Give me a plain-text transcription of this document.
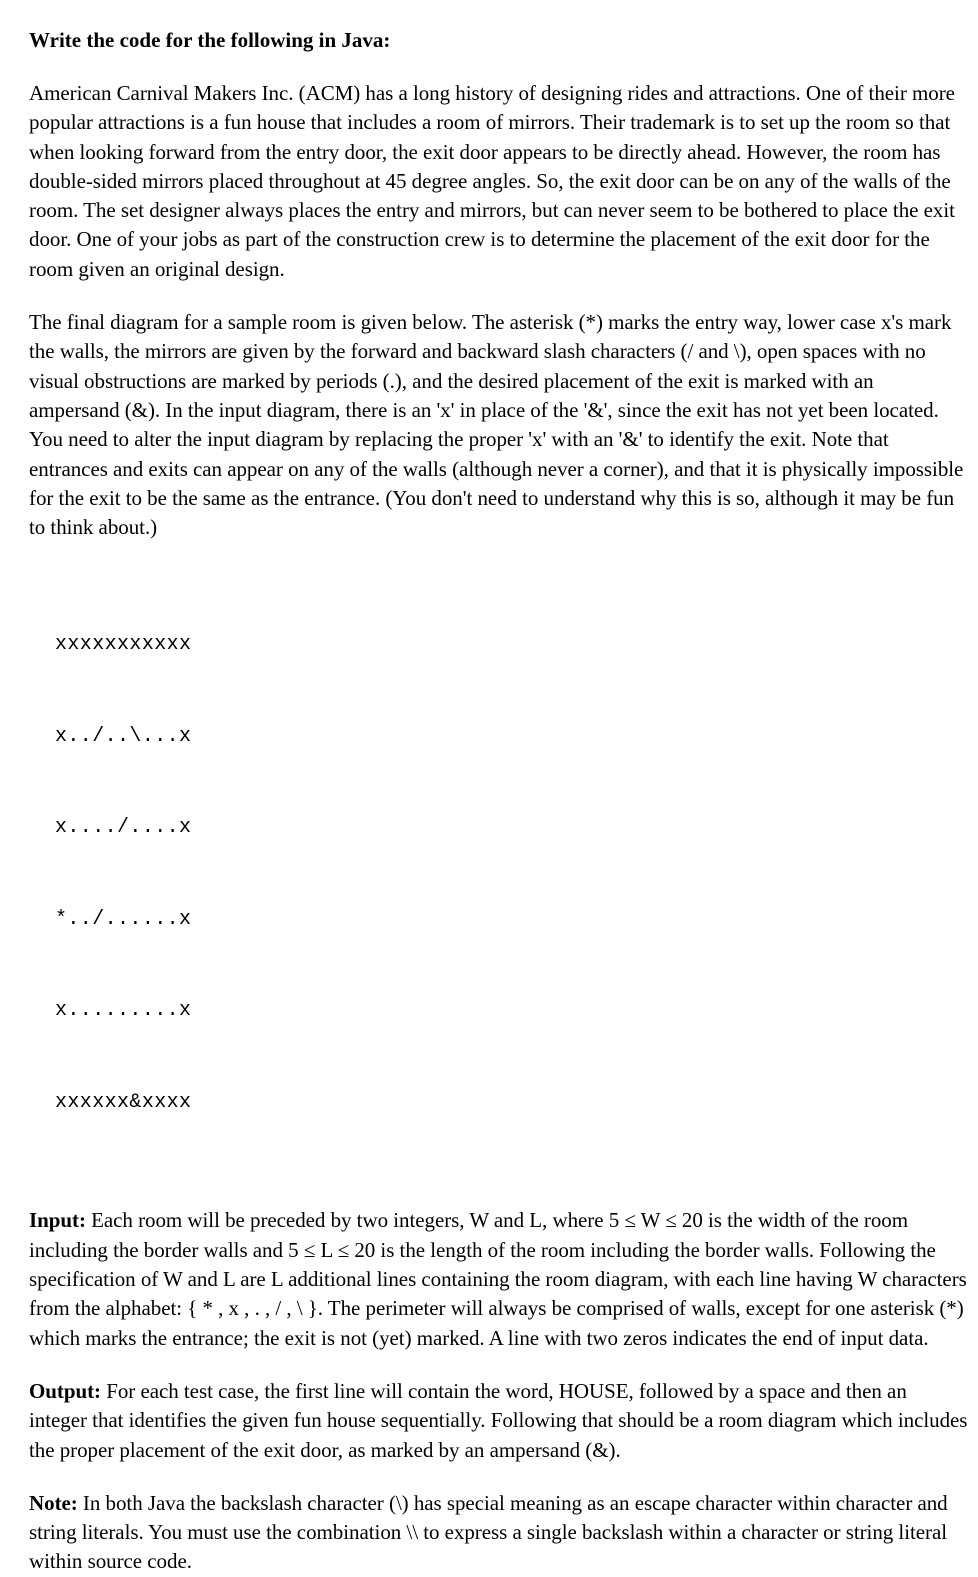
Write the code for the following in Java:

American Carnival Makers Inc. (ACM) has a long history of designing rides and attractions. One of their more popular attractions is a fun house that includes a room of mirrors. Their trademark is to set up the room so that when looking forward from the entry door, the exit door appears to be directly ahead. However, the room has double-sided mirrors placed throughout at 45 degree angles. So, the exit door can be on any of the walls of the room. The set designer always places the entry and mirrors, but can never seem to be bothered to place the exit door. One of your jobs as part of the construction crew is to determine the placement of the exit door for the room given an original design.

The final diagram for a sample room is given below. The asterisk (*) marks the entry way, lower case x's mark the walls, the mirrors are given by the forward and backward slash characters (/ and \), open spaces with no visual obstructions are marked by periods (.), and the desired placement of the exit is marked with an ampersand (&). In the input diagram, there is an 'x' in place of the '&', since the exit has not yet been located. You need to alter the input diagram by replacing the proper 'x' with an '&' to identify the exit. Note that entrances and exits can appear on any of the walls (although never a corner), and that it is physically impossible for the exit to be the same as the entrance. (You don't need to understand why this is so, although it may be fun to think about.)

xxxxxxxxxxx

x../..\...x

x..../....x

*../......x

x.........x

xxxxxx&xxxx

Input: Each room will be preceded by two integers, W and L, where 5 ≤ W ≤ 20 is the width of the room including the border walls and 5 ≤ L ≤ 20 is the length of the room including the border walls. Following the specification of W and L are L additional lines containing the room diagram, with each line having W characters from the alphabet: { * , x , . , / , \ }. The perimeter will always be comprised of walls, except for one asterisk (*) which marks the entrance; the exit is not (yet) marked. A line with two zeros indicates the end of input data.

Output: For each test case, the first line will contain the word, HOUSE, followed by a space and then an integer that identifies the given fun house sequentially. Following that should be a room diagram which includes the proper placement of the exit door, as marked by an ampersand (&).

Note: In both Java the backslash character (\) has special meaning as an escape character within character and string literals. You must use the combination \\ to express a single backslash within a character or string literal within source code.
